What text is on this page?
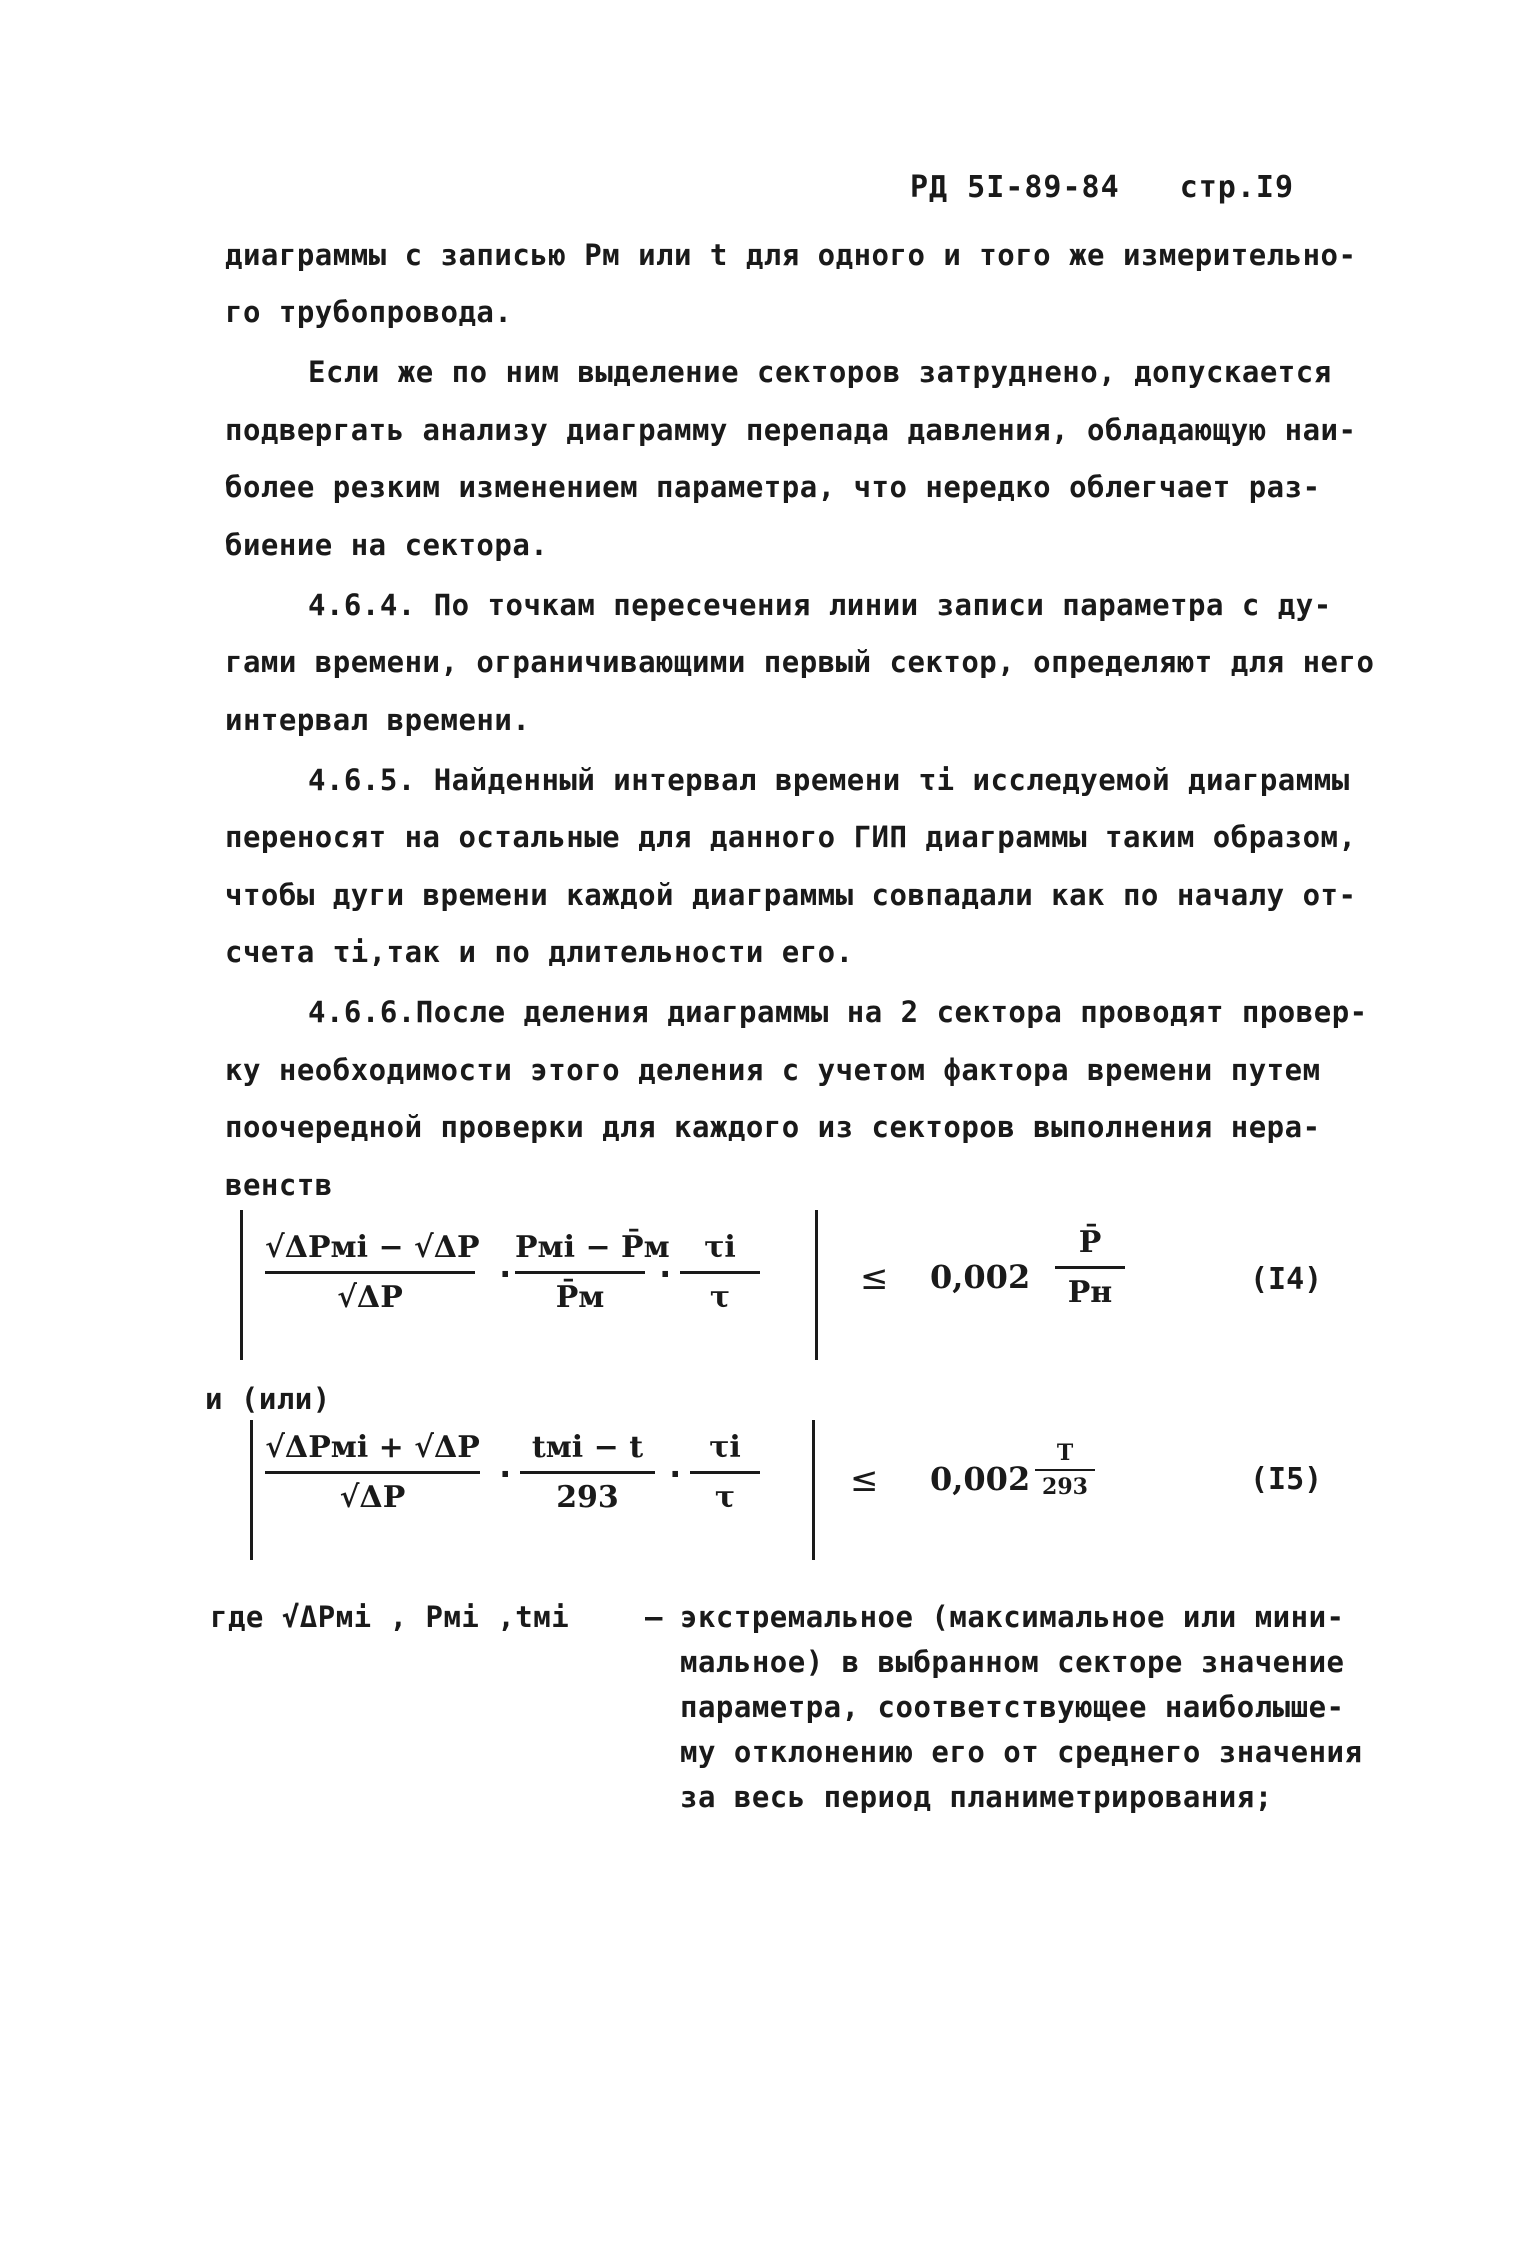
РД 5I-89-84 стр.I9
диаграммы с записью Pм или t для одного и того же измерительно-
го трубопровода.
Если же по ним выделение секторов затруднено, допускается
подвергать анализу диаграмму перепада давления, обладающую наи-
более резким изменением параметра, что нередко облегчает раз-
биение на сектора.
4.6.4. По точкам пересечения линии записи параметра с ду-
гами времени, ограничивающими первый сектор, определяют для него
интервал времени.
4.6.5. Найденный интервал времени τi исследуемой диаграммы
переносят на остальные для данного ГИП диаграммы таким образом,
чтобы дуги времени каждой диаграммы совпадали как по началу от-
счета τi,так и по длительности его.
4.6.6.После деления диаграммы на 2 сектора проводят провер-
ку необходимости этого деления с учетом фактора времени путем
поочередной проверки для каждого из секторов выполнения нера-
венств
√ΔPмi − √ΔP
√ΔP
·
Pмi − P̄м
P̄м
·
τi
τ	≤ 0,002
P̄
Pн	(I4)
и (или)
√ΔPмi + √ΔP
√ΔP
·
tмi − t
293
·
τi
τ	≤ 0,002
T
293	(I5)
где √ΔPмi , Pмi ,tмi	– экстремальное (максимальное или мини-
мальное) в выбранном секторе значение
параметра, соответствующее наиболыше-
му отклонению его от среднего значения
за весь период планиметрирования;
